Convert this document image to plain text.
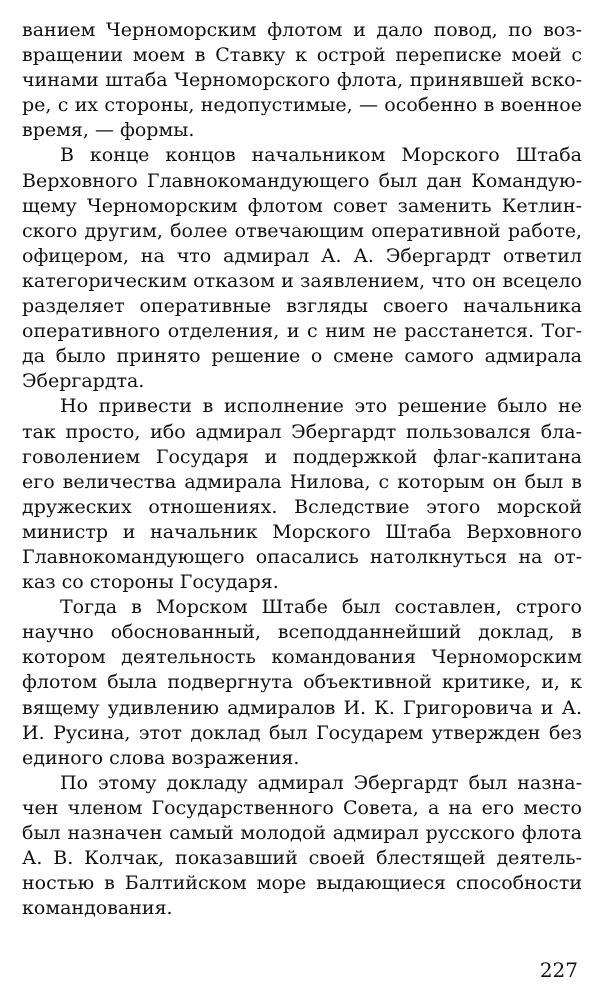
ванием Черноморским флотом и дало повод, по возвращении моем в Ставку к острой переписке моей с чинами штаба Черноморского флота, принявшей вскоре, с их стороны, недопустимые, — особенно в военное время, — формы.

В конце концов начальником Морского Штаба Верховного Главнокомандующего был дан Командующему Черноморским флотом совет заменить Кетлинского другим, более отвечающим оперативной работе, офицером, на что адмирал А. А. Эбергардт ответил категорическим отказом и заявлением, что он всецело разделяет оперативные взгляды своего начальника оперативного отделения, и с ним не расстанется. Тогда было принято решение о смене самого адмирала Эбергардта.

Но привести в исполнение это решение было не так просто, ибо адмирал Эбергардт пользовался благоволением Государя и поддержкой флаг-капитана его величества адмирала Нилова, с которым он был в дружеских отношениях. Вследствие этого морской министр и начальник Морского Штаба Верховного Главнокомандующего опасались натолкнуться на отказ со стороны Государя.

Тогда в Морском Штабе был составлен, строго научно обоснованный, всеподданнейший доклад, в котором деятельность командования Черноморским флотом была подвергнута объективной критике, и, к вящему удивлению адмиралов И. К. Григоровича и А. И. Русина, этот доклад был Государем утвержден без единого слова возражения.

По этому докладу адмирал Эбергардт был назначен членом Государственного Совета, а на его место был назначен самый молодой адмирал русского флота А. В. Колчак, показавший своей блестящей деятельностью в Балтийском море выдающиеся способности командования.

227
